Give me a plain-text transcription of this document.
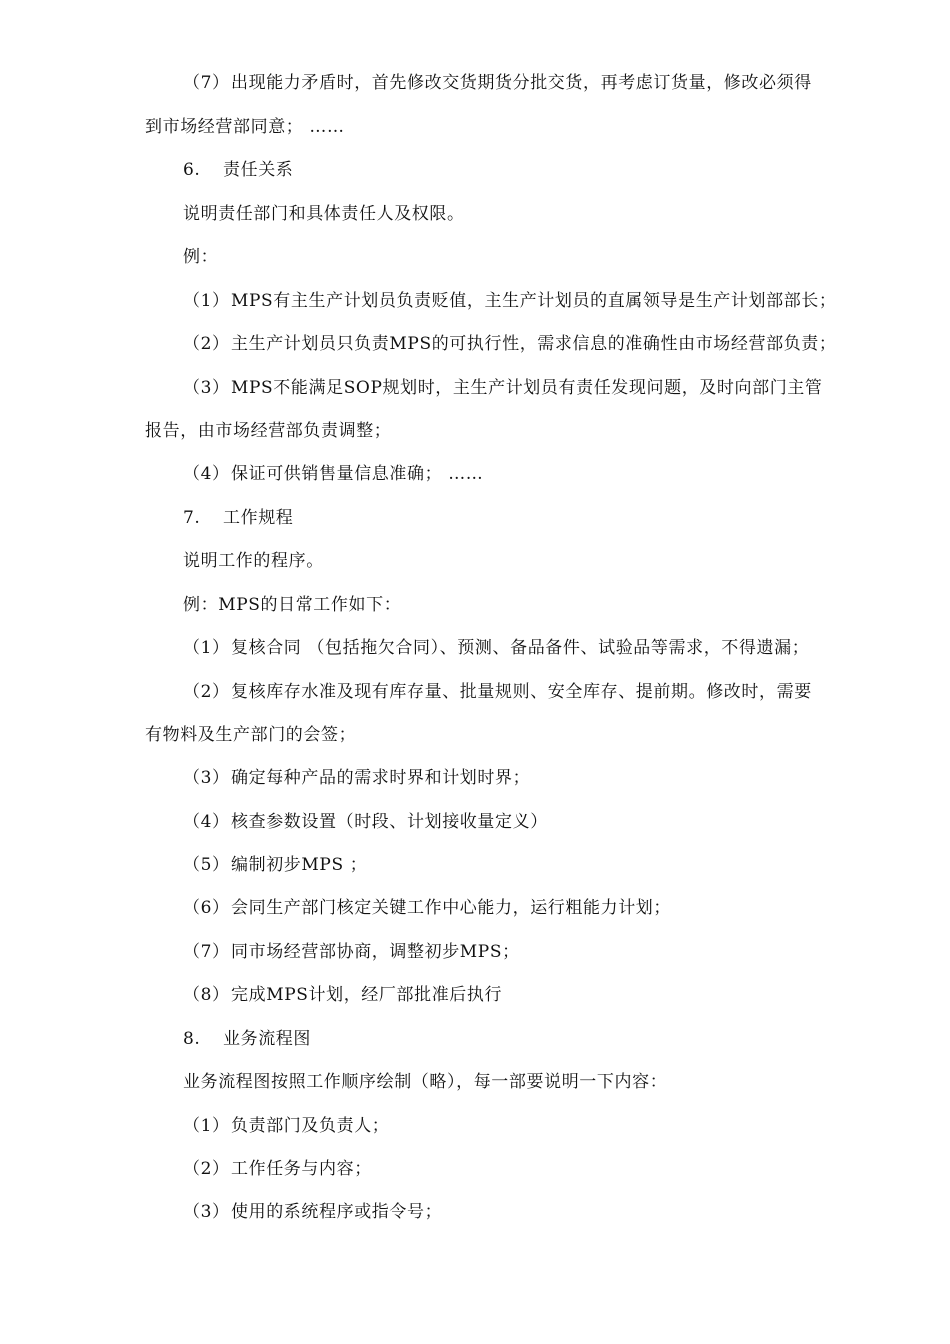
（7）出现能力矛盾时，首先修改交货期货分批交货，再考虑订货量，修改必须得
到市场经营部同意； ……
6. 责任关系
说明责任部门和具体责任人及权限。
例：
（1）MPS有主生产计划员负责贬值，主生产计划员的直属领导是生产计划部部长；
（2）主生产计划员只负责MPS的可执行性，需求信息的准确性由市场经营部负责；
（3）MPS不能满足SOP规划时，主生产计划员有责任发现问题，及时向部门主管
报告，由市场经营部负责调整；
（4）保证可供销售量信息准确； ……
7. 工作规程
说明工作的程序。
例：MPS的日常工作如下：
（1）复核合同 （包括拖欠合同）、预测、备品备件、试验品等需求，不得遗漏；
（2）复核库存水准及现有库存量、批量规则、安全库存、提前期。修改时，需要
有物料及生产部门的会签；
（3）确定每种产品的需求时界和计划时界；
（4）核查参数设置（时段、计划接收量定义）
（5）编制初步MPS ；
（6）会同生产部门核定关键工作中心能力，运行粗能力计划；
（7）同市场经营部协商，调整初步MPS；
（8）完成MPS计划，经厂部批准后执行
8. 业务流程图
业务流程图按照工作顺序绘制（略），每一部要说明一下内容：
（1）负责部门及负责人；
（2）工作任务与内容；
（3）使用的系统程序或指令号；
